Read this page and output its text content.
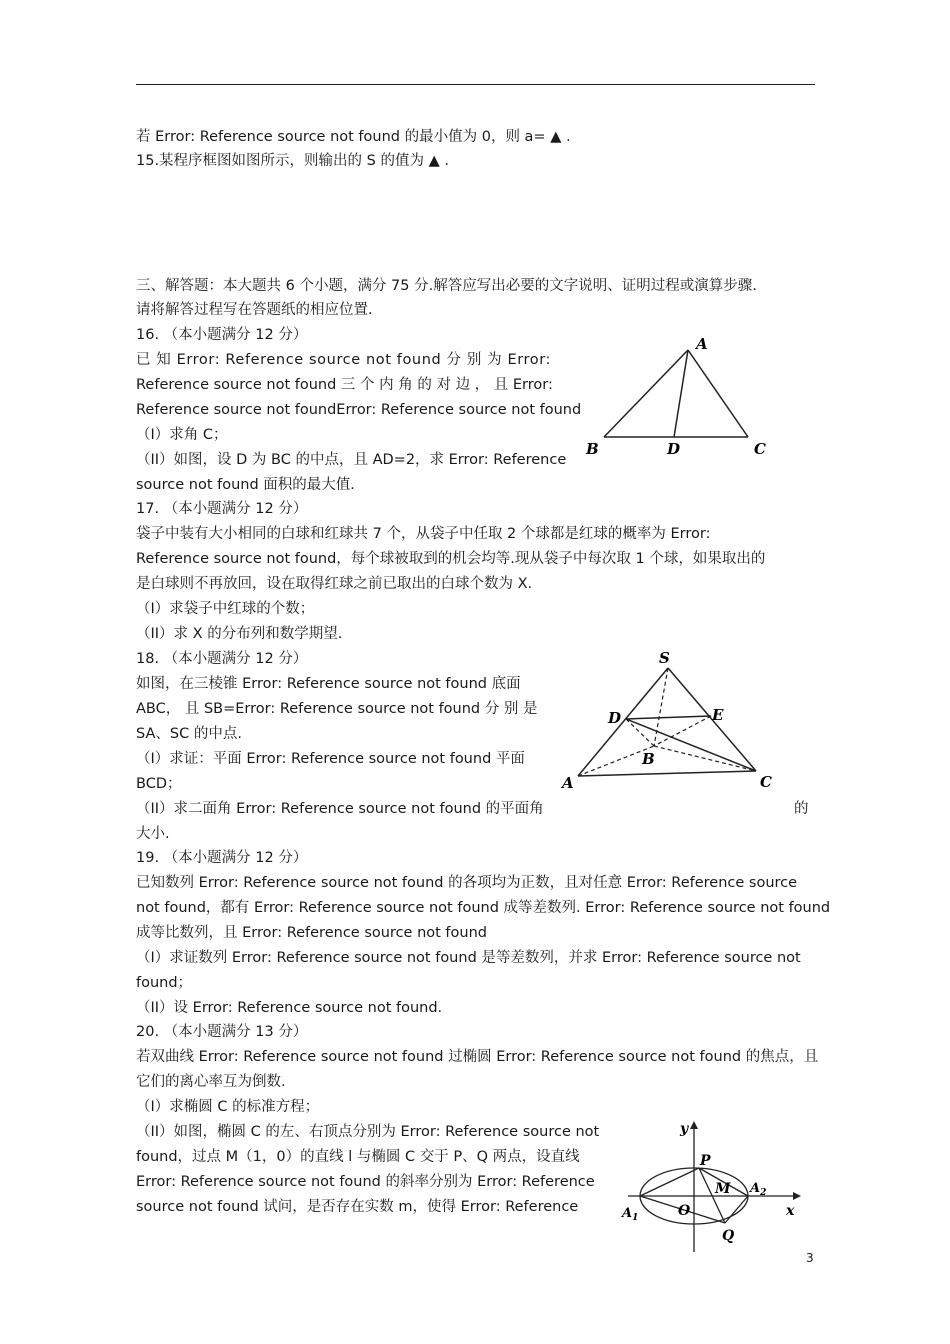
若 Error: Reference source not found 的最小值为 0，则 a= ▲ .
15.某程序框图如图所示，则输出的 S 的值为 ▲ .
三、解答题：本大题共 6 个小题，满分 75 分.解答应写出必要的文字说明、证明过程或演算步骤.
请将解答过程写在答题纸的相应位置.
16. （本小题满分 12 分）
已 知 Error: Reference source not found 分 别 为 Error:
Reference source not found 三 个 内 角 的 对 边 ， 且 Error:
Reference source not foundError: Reference source not found
（I）求角 C；
（II）如图，设 D 为 BC 的中点，且 AD=2，求 Error: Reference
source not found 面积的最大值.
A
B	D	C
17. （本小题满分 12 分）
袋子中装有大小相同的白球和红球共 7 个，从袋子中任取 2 个球都是红球的概率为 Error:
Reference source not found，每个球被取到的机会均等.现从袋子中每次取 1 个球，如果取出的
是白球则不再放回，设在取得红球之前已取出的白球个数为 X.
（I）求袋子中红球的个数；
（II）求 X 的分布列和数学期望.
18. （本小题满分 12 分）
如图，在三棱锥 Error: Reference source not found 底面
ABC， 且 SB=Error: Reference source not found 分 别 是
SA、SC 的中点.
（I）求证：平面 Error: Reference source not found 平面
BCD；
（II）求二面角 Error: Reference source not found 的平面角	的
大小.
S
D	E
B
A	C
19. （本小题满分 12 分）
已知数列 Error: Reference source not found 的各项均为正数，且对任意 Error: Reference source
not found，都有 Error: Reference source not found 成等差数列. Error: Reference source not found
成等比数列，且 Error: Reference source not found
（I）求证数列 Error: Reference source not found 是等差数列，并求 Error: Reference source not
found；
（II）设 Error: Reference source not found.
20. （本小题满分 13 分）
若双曲线 Error: Reference source not found 过椭圆 Error: Reference source not found 的焦点，且
它们的离心率互为倒数.
（I）求椭圆 C 的标准方程；
（II）如图，椭圆 C 的左、右顶点分别为 Error: Reference source not
found，过点 M（1，0）的直线 l 与椭圆 C 交于 P、Q 两点，设直线
Error: Reference source not found 的斜率分别为 Error: Reference
source not found 试问，是否存在实数 m，使得 Error: Reference
y
x
P
M $A_2$
$A_1$	O
Q
3
